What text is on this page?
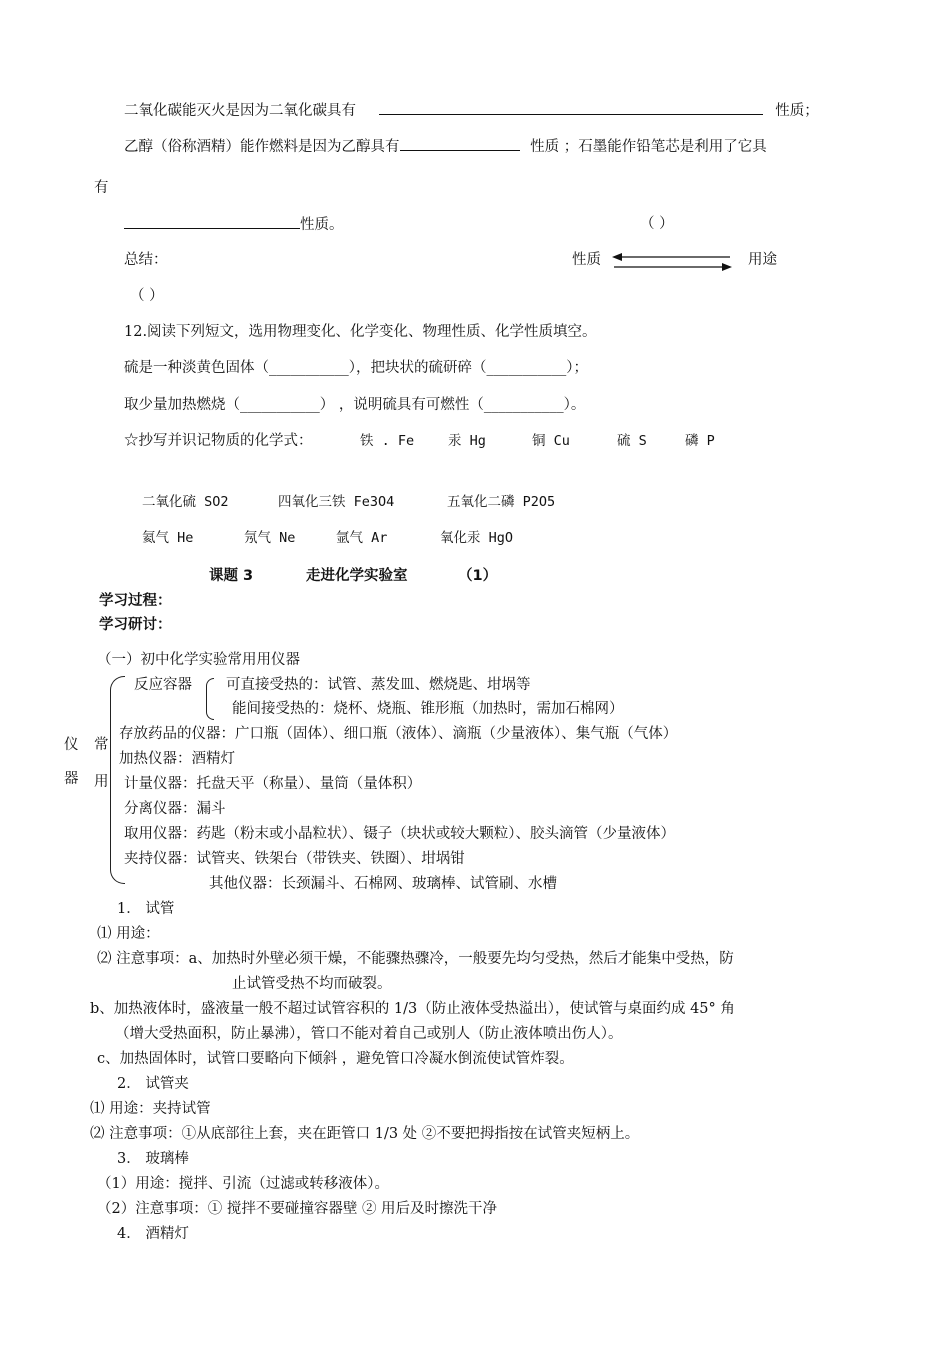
二氧化碳能灭火是因为二氧化碳具有	性质；
乙醇（俗称酒精）能作燃料是因为乙醇具有	性质 ；石墨能作铅笔芯是利用了它具
有
性质。	（ ）
总结：	性质	用途
（ ）
12.阅读下列短文，选用物理变化、化学变化、物理性质、化学性质填空。
硫是一种淡黄色固体（___________），把块状的硫研碎（___________）；
取少量加热燃烧（___________） ，说明硫具有可燃性（___________）。
☆抄写并识记物质的化学式：	铁 . Fe	汞 Hg	铜 Cu	硫 S	磷 P
二氧化硫 SO2	四氧化三铁 Fe3O4	五氧化二磷 P2O5
氦气 He	氖气 Ne	氩气 Ar	氧化汞 HgO
课题 3	走进化学实验室	（1）
学习过程：
学习研讨：
（一）初中化学实验常用用仪器
仪
器
常
用
反应容器 可直接受热的：试管、蒸发皿、燃烧匙、坩埚等
能间接受热的：烧杯、烧瓶、锥形瓶（加热时，需加石棉网）
存放药品的仪器：广口瓶（固体）、细口瓶（液体）、滴瓶（少量液体）、集气瓶（气体）
加热仪器：酒精灯
计量仪器：托盘天平（称量）、量筒（量体积）
分离仪器：漏斗
取用仪器：药匙（粉末或小晶粒状）、镊子（块状或较大颗粒）、胶头滴管（少量液体）
夹持仪器：试管夹、铁架台（带铁夹、铁圈）、坩埚钳
其他仪器：长颈漏斗、石棉网、玻璃棒、试管刷、水槽
1． 试管
⑴ 用途：
⑵ 注意事项：a、加热时外壁必须干燥，不能骤热骤冷，一般要先均匀受热，然后才能集中受热，防
止试管受热不均而破裂。
b、加热液体时，盛液量一般不超过试管容积的 1/3（防止液体受热溢出），使试管与桌面约成 45° 角
（增大受热面积，防止暴沸），管口不能对着自己或别人（防止液体喷出伤人）。
c、加热固体时，试管口要略向下倾斜 ，避免管口冷凝水倒流使试管炸裂。
2． 试管夹
⑴ 用途：夹持试管
⑵ 注意事项：①从底部往上套，夹在距管口 1/3 处 ②不要把拇指按在试管夹短柄上。
3． 玻璃棒
（1）用途：搅拌、引流（过滤或转移液体）。
（2）注意事项：① 搅拌不要碰撞容器壁 ② 用后及时擦洗干净
4． 酒精灯
